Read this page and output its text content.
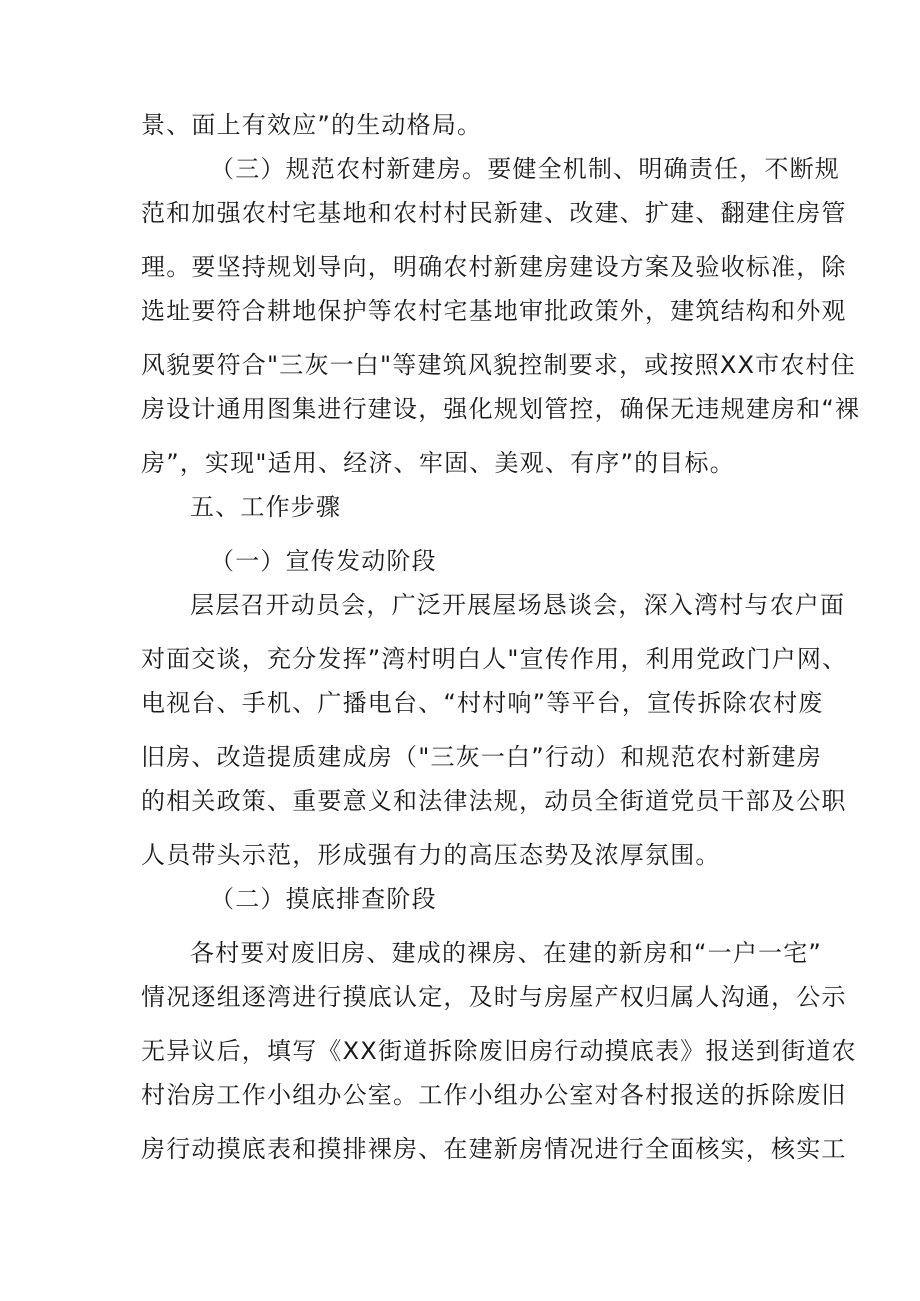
景、面上有效应”的生动格局。
（三）规范农村新建房。要健全机制、明确责任，不断规
范和加强农村宅基地和农村村民新建、改建、扩建、翻建住房管
理。要坚持规划导向，明确农村新建房建设方案及验收标准，除
选址要符合耕地保护等农村宅基地审批政策外，建筑结构和外观
风貌要符合"三灰一白"等建筑风貌控制要求，或按照XX市农村住
房设计通用图集进行建设，强化规划管控，确保无违规建房和“裸
房”，实现"适用、经济、牢固、美观、有序”的目标。
五、工作步骤
（一）宣传发动阶段
层层召开动员会，广泛开展屋场恳谈会，深入湾村与农户面
对面交谈，充分发挥”湾村明白人"宣传作用，利用党政门户网、
电视台、手机、广播电台、“村村响”等平台，宣传拆除农村废
旧房、改造提质建成房（"三灰一白”行动）和规范农村新建房
的相关政策、重要意义和法律法规，动员全街道党员干部及公职
人员带头示范，形成强有力的高压态势及浓厚氛围。
（二）摸底排查阶段
各村要对废旧房、建成的裸房、在建的新房和“一户一宅”
情况逐组逐湾进行摸底认定，及时与房屋产权归属人沟通，公示
无异议后，填写《XX街道拆除废旧房行动摸底表》报送到街道农
村治房工作小组办公室。工作小组办公室对各村报送的拆除废旧
房行动摸底表和摸排裸房、在建新房情况进行全面核实，核实工
